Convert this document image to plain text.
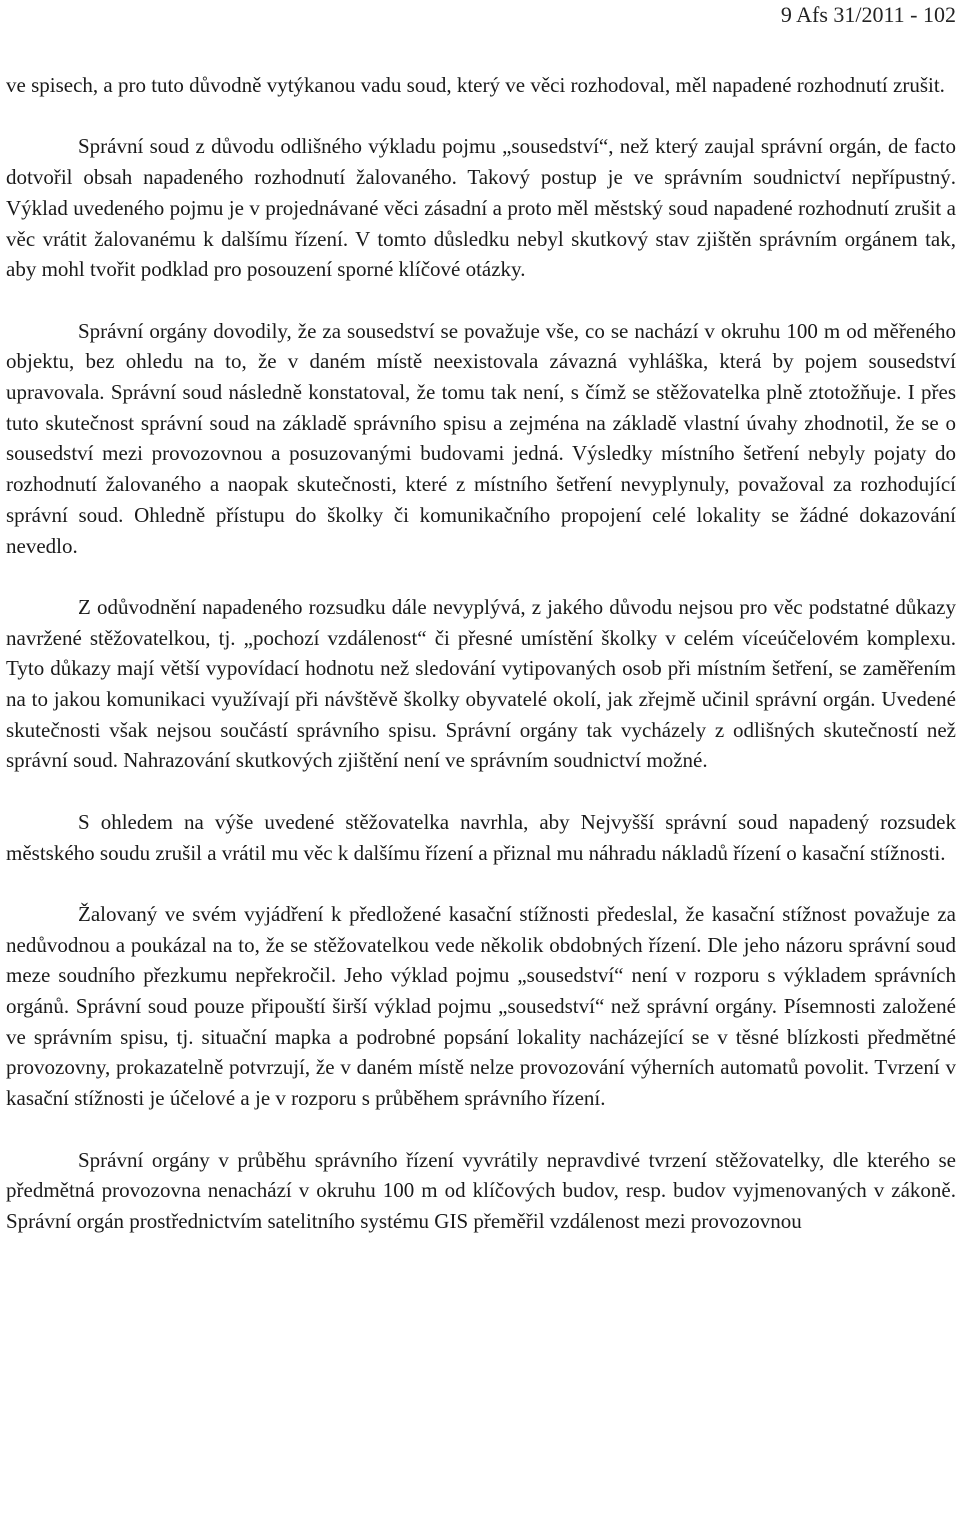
9 Afs 31/2011 - 102

ve spisech, a pro tuto důvodně vytýkanou vadu soud, který ve věci rozhodoval, měl napadené rozhodnutí zrušit.

Správní soud z důvodu odlišného výkladu pojmu „sousedství“, než který zaujal správní orgán, de facto dotvořil obsah napadeného rozhodnutí žalovaného. Takový postup je ve správním soudnictví nepřípustný. Výklad uvedeného pojmu je v projednávané věci zásadní a proto měl městský soud napadené rozhodnutí zrušit a věc vrátit žalovanému k dalšímu řízení. V tomto důsledku nebyl skutkový stav zjištěn správním orgánem tak, aby mohl tvořit podklad pro posouzení sporné klíčové otázky.

Správní orgány dovodily, že za sousedství se považuje vše, co se nachází v okruhu 100 m od měřeného objektu, bez ohledu na to, že v daném místě neexistovala závazná vyhláška, která by pojem sousedství upravovala. Správní soud následně konstatoval, že tomu tak není, s čímž se stěžovatelka plně ztotožňuje. I přes tuto skutečnost správní soud na základě správního spisu a zejména na základě vlastní úvahy zhodnotil, že se o sousedství mezi provozovnou a posuzovanými budovami jedná. Výsledky místního šetření nebyly pojaty do rozhodnutí žalovaného a naopak skutečnosti, které z místního šetření nevyplynuly, považoval za rozhodující správní soud. Ohledně přístupu do školky či komunikačního propojení celé lokality se žádné dokazování nevedlo.

Z odůvodnění napadeného rozsudku dále nevyplývá, z jakého důvodu nejsou pro věc podstatné důkazy navržené stěžovatelkou, tj. „pochozí vzdálenost“ či přesné umístění školky v celém víceúčelovém komplexu. Tyto důkazy mají větší vypovídací hodnotu než sledování vytipovaných osob při místním šetření, se zaměřením na to jakou komunikaci využívají při návštěvě školky obyvatelé okolí, jak zřejmě učinil správní orgán. Uvedené skutečnosti však nejsou součástí správního spisu. Správní orgány tak vycházely z odlišných skutečností než správní soud. Nahrazování skutkových zjištění není ve správním soudnictví možné.

S ohledem na výše uvedené stěžovatelka navrhla, aby Nejvyšší správní soud napadený rozsudek městského soudu zrušil a vrátil mu věc k dalšímu řízení a přiznal mu náhradu nákladů řízení o kasační stížnosti.

Žalovaný ve svém vyjádření k předložené kasační stížnosti předeslal, že kasační stížnost považuje za nedůvodnou a poukázal na to, že se stěžovatelkou vede několik obdobných řízení. Dle jeho názoru správní soud meze soudního přezkumu nepřekročil. Jeho výklad pojmu „sousedství“ není v rozporu s výkladem správních orgánů. Správní soud pouze připouští širší výklad pojmu „sousedství“ než správní orgány. Písemnosti založené ve správním spisu, tj. situační mapka a podrobné popsání lokality nacházející se v těsné blízkosti předmětné provozovny, prokazatelně potvrzují, že v daném místě nelze provozování výherních automatů povolit. Tvrzení v kasační stížnosti je účelové a je v rozporu s průběhem správního řízení.

Správní orgány v průběhu správního řízení vyvrátily nepravdivé tvrzení stěžovatelky, dle kterého se předmětná provozovna nenachází v okruhu 100 m od klíčových budov, resp. budov vyjmenovaných v zákoně. Správní orgán prostřednictvím satelitního systému GIS přeměřil vzdálenost mezi provozovnou
